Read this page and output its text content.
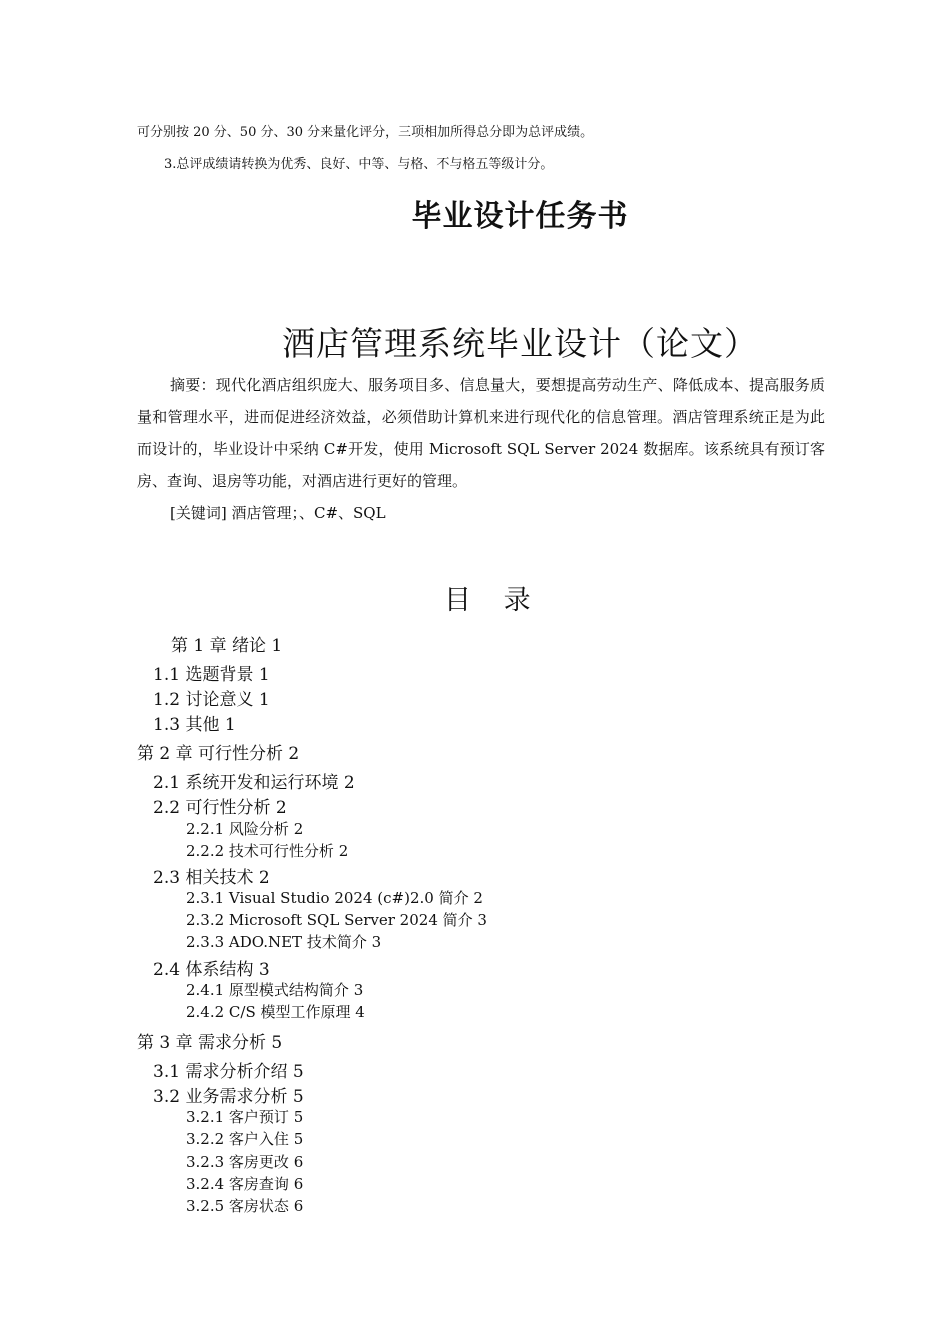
可分别按 20 分、50 分、30 分来量化评分，三项相加所得总分即为总评成绩。
3.总评成绩请转换为优秀、良好、中等、与格、不与格五等级计分。
毕业设计任务书
酒店管理系统毕业设计（论文）

摘要：现代化酒店组织庞大、服务项目多、信息量大，要想提高劳动生产、降低成本、提高服务质量和管理水平，进而促进经济效益，必须借助计算机来进行现代化的信息管理。酒店管理系统正是为此而设计的，毕业设计中采纳 C#开发，使用 Microsoft SQL Server 2024 数据库。该系统具有预订客房、查询、退房等功能，对酒店进行更好的管理。

[关键词] 酒店管理；、C#、SQL

目 录
第 1 章 绪论 1
1.1 选题背景 1
1.2 讨论意义 1
1.3 其他 1
第 2 章 可行性分析 2
2.1 系统开发和运行环境 2
2.2 可行性分析 2
2.2.1 风险分析 2
2.2.2 技术可行性分析 2
2.3 相关技术 2
2.3.1 Visual Studio 2024 (c#)2.0 简介 2
2.3.2 Microsoft SQL Server 2024 简介 3
2.3.3 ADO.NET 技术简介 3
2.4 体系结构 3
2.4.1 原型模式结构简介 3
2.4.2 C/S 模型工作原理 4
第 3 章 需求分析 5
3.1 需求分析介绍 5
3.2 业务需求分析 5
3.2.1 客户预订 5
3.2.2 客户入住 5
3.2.3 客房更改 6
3.2.4 客房查询 6
3.2.5 客房状态 6
